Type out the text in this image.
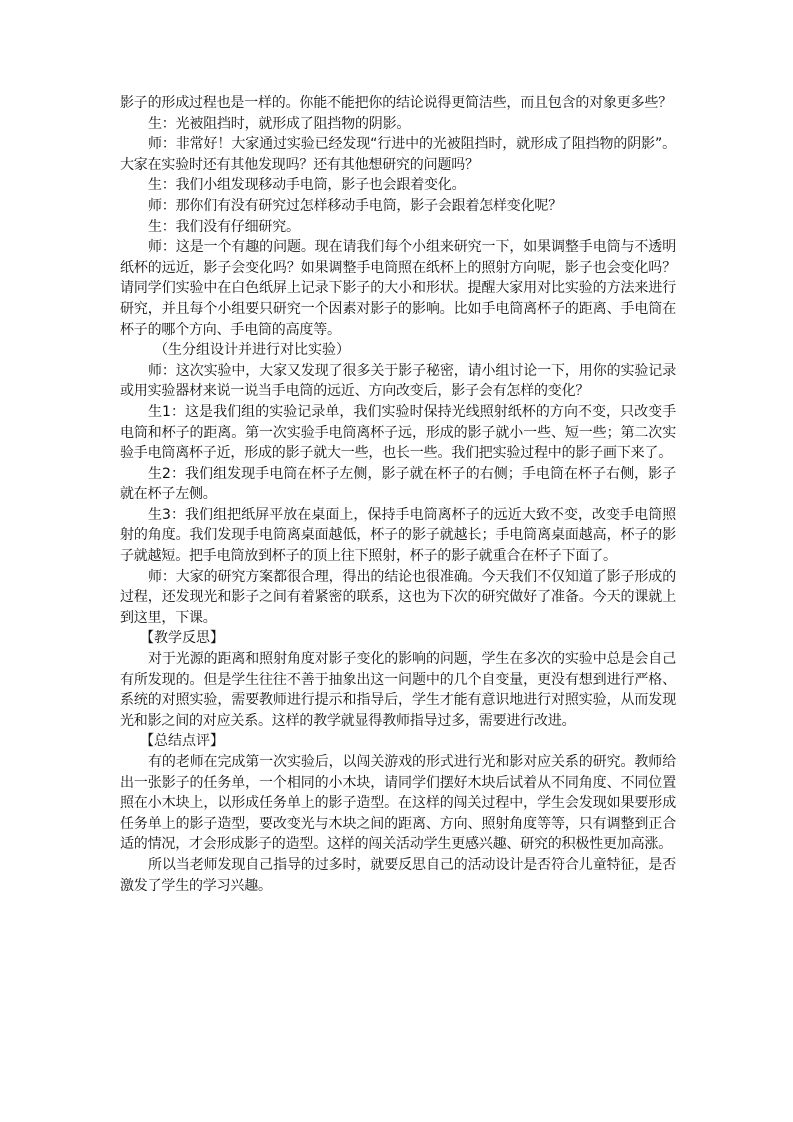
影子的形成过程也是一样的。你能不能把你的结论说得更简洁些，而且包含的对象更多些？

生：光被阻挡时，就形成了阻挡物的阴影。

师：非常好！大家通过实验已经发现“行进中的光被阻挡时，就形成了阻挡物的阴影”。大家在实验时还有其他发现吗？还有其他想研究的问题吗？

生：我们小组发现移动手电筒，影子也会跟着变化。

师：那你们有没有研究过怎样移动手电筒，影子会跟着怎样变化呢？

生：我们没有仔细研究。

师：这是一个有趣的问题。现在请我们每个小组来研究一下，如果调整手电筒与不透明纸杯的远近，影子会变化吗？如果调整手电筒照在纸杯上的照射方向呢，影子也会变化吗？请同学们实验中在白色纸屏上记录下影子的大小和形状。提醒大家用对比实验的方法来进行研究，并且每个小组要只研究一个因素对影子的影响。比如手电筒离杯子的距离、手电筒在杯子的哪个方向、手电筒的高度等。

（生分组设计并进行对比实验）

师：这次实验中，大家又发现了很多关于影子秘密，请小组讨论一下，用你的实验记录或用实验器材来说一说当手电筒的远近、方向改变后，影子会有怎样的变化？

生1：这是我们组的实验记录单，我们实验时保持光线照射纸杯的方向不变，只改变手电筒和杯子的距离。第一次实验手电筒离杯子远，形成的影子就小一些、短一些；第二次实验手电筒离杯子近，形成的影子就大一些，也长一些。我们把实验过程中的影子画下来了。

生2：我们组发现手电筒在杯子左侧，影子就在杯子的右侧；手电筒在杯子右侧，影子就在杯子左侧。

生3：我们组把纸屏平放在桌面上，保持手电筒离杯子的远近大致不变，改变手电筒照射的角度。我们发现手电筒离桌面越低，杯子的影子就越长；手电筒离桌面越高，杯子的影子就越短。把手电筒放到杯子的顶上往下照射，杯子的影子就重合在杯子下面了。

师：大家的研究方案都很合理，得出的结论也很准确。今天我们不仅知道了影子形成的过程，还发现光和影子之间有着紧密的联系，这也为下次的研究做好了准备。今天的课就上到这里，下课。

【教学反思】

对于光源的距离和照射角度对影子变化的影响的问题，学生在多次的实验中总是会自己有所发现的。但是学生往往不善于抽象出这一问题中的几个自变量，更没有想到进行严格、系统的对照实验，需要教师进行提示和指导后，学生才能有意识地进行对照实验，从而发现光和影之间的对应关系。这样的教学就显得教师指导过多，需要进行改进。

【总结点评】

有的老师在完成第一次实验后，以闯关游戏的形式进行光和影对应关系的研究。教师给出一张影子的任务单，一个相同的小木块，请同学们摆好木块后试着从不同角度、不同位置照在小木块上，以形成任务单上的影子造型。在这样的闯关过程中，学生会发现如果要形成任务单上的影子造型，要改变光与木块之间的距离、方向、照射角度等等，只有调整到正合适的情况，才会形成影子的造型。这样的闯关活动学生更感兴趣、研究的积极性更加高涨。

所以当老师发现自己指导的过多时，就要反思自己的活动设计是否符合儿童特征，是否激发了学生的学习兴趣。
